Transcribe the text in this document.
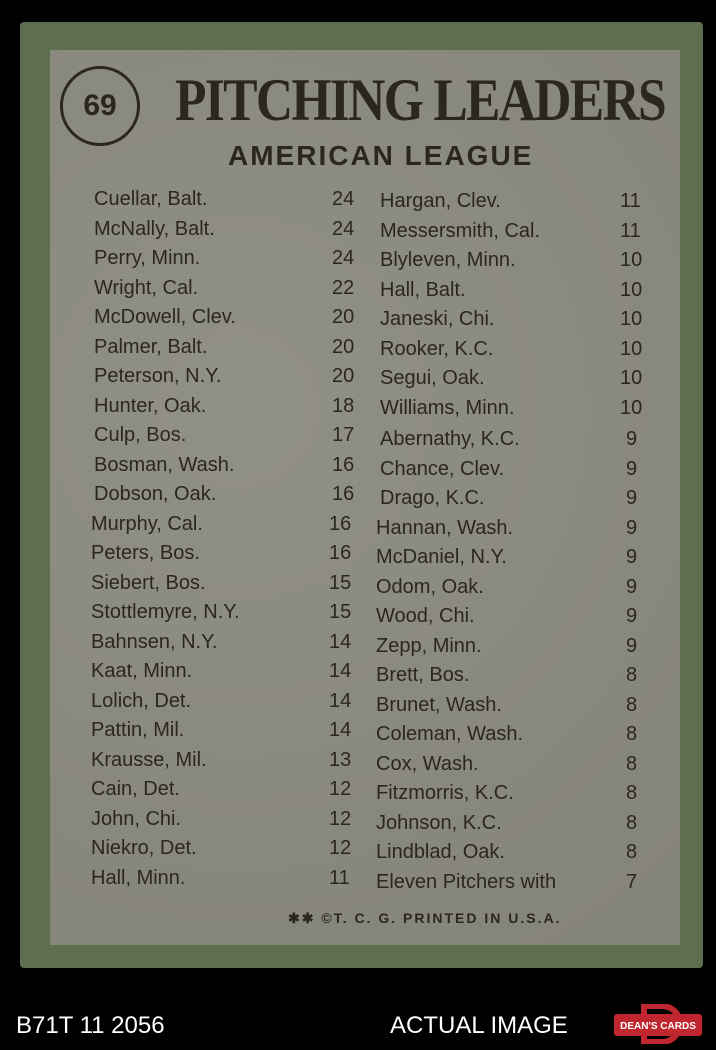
69 PITCHING LEADERS
AMERICAN LEAGUE
Cuellar, Balt.	24
McNally, Balt.	24
Perry, Minn.	24
Wright, Cal.	22
McDowell, Clev.	20
Palmer, Balt.	20
Peterson, N.Y.	20
Hunter, Oak.	18
Culp, Bos.	17
Bosman, Wash.	16
Dobson, Oak.	16
Murphy, Cal.	16
Peters, Bos.	16
Siebert, Bos.	15
Stottlemyre, N.Y.	15
Bahnsen, N.Y.	14
Kaat, Minn.	14
Lolich, Det.	14
Pattin, Mil.	14
Krausse, Mil.	13
Cain, Det.	12
John, Chi.	12
Niekro, Det.	12
Hall, Minn.	11
Hargan, Clev.	11
Messersmith, Cal.	11
Blyleven, Minn.	10
Hall, Balt.	10
Janeski, Chi.	10
Rooker, K.C.	10
Segui, Oak.	10
Williams, Minn.	10
Abernathy, K.C.	9
Chance, Clev.	9
Drago, K.C.	9
Hannan, Wash.	9
McDaniel, N.Y.	9
Odom, Oak.	9
Wood, Chi.	9
Zepp, Minn.	9
Brett, Bos.	8
Brunet, Wash.	8
Coleman, Wash.	8
Cox, Wash.	8
Fitzmorris, K.C.	8
Johnson, K.C.	8
Lindblad, Oak.	8
Eleven Pitchers with	7
✱✱ ©T. C. G. PRINTED IN U.S.A.
B71T 11 2056	ACTUAL IMAGE	DEAN'S CARDS
